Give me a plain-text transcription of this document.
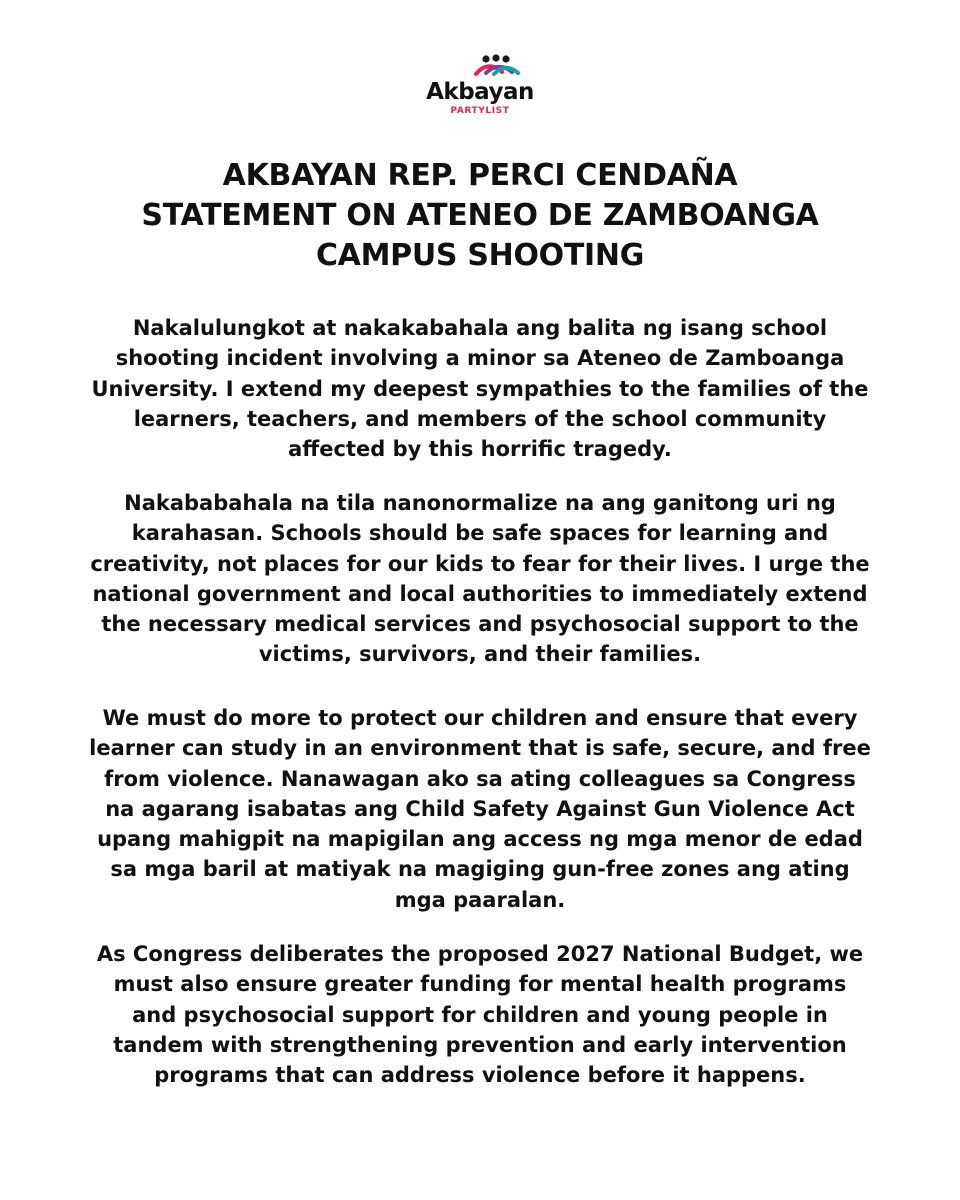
Akbayan
PARTYLIST
AKBAYAN REP. PERCI CENDAÑA
STATEMENT ON ATENEO DE ZAMBOANGA
CAMPUS SHOOTING
Nakalulungkot at nakakabahala ang balita ng isang school
shooting incident involving a minor sa Ateneo de Zamboanga
University. I extend my deepest sympathies to the families of the
learners, teachers, and members of the school community
affected by this horrific tragedy.
Nakababahala na tila nanonormalize na ang ganitong uri ng
karahasan. Schools should be safe spaces for learning and
creativity, not places for our kids to fear for their lives. I urge the
national government and local authorities to immediately extend
the necessary medical services and psychosocial support to the
victims, survivors, and their families.
We must do more to protect our children and ensure that every
learner can study in an environment that is safe, secure, and free
from violence. Nanawagan ako sa ating colleagues sa Congress
na agarang isabatas ang Child Safety Against Gun Violence Act
upang mahigpit na mapigilan ang access ng mga menor de edad
sa mga baril at matiyak na magiging gun-free zones ang ating
mga paaralan.
As Congress deliberates the proposed 2027 National Budget, we
must also ensure greater funding for mental health programs
and psychosocial support for children and young people in
tandem with strengthening prevention and early intervention
programs that can address violence before it happens.
